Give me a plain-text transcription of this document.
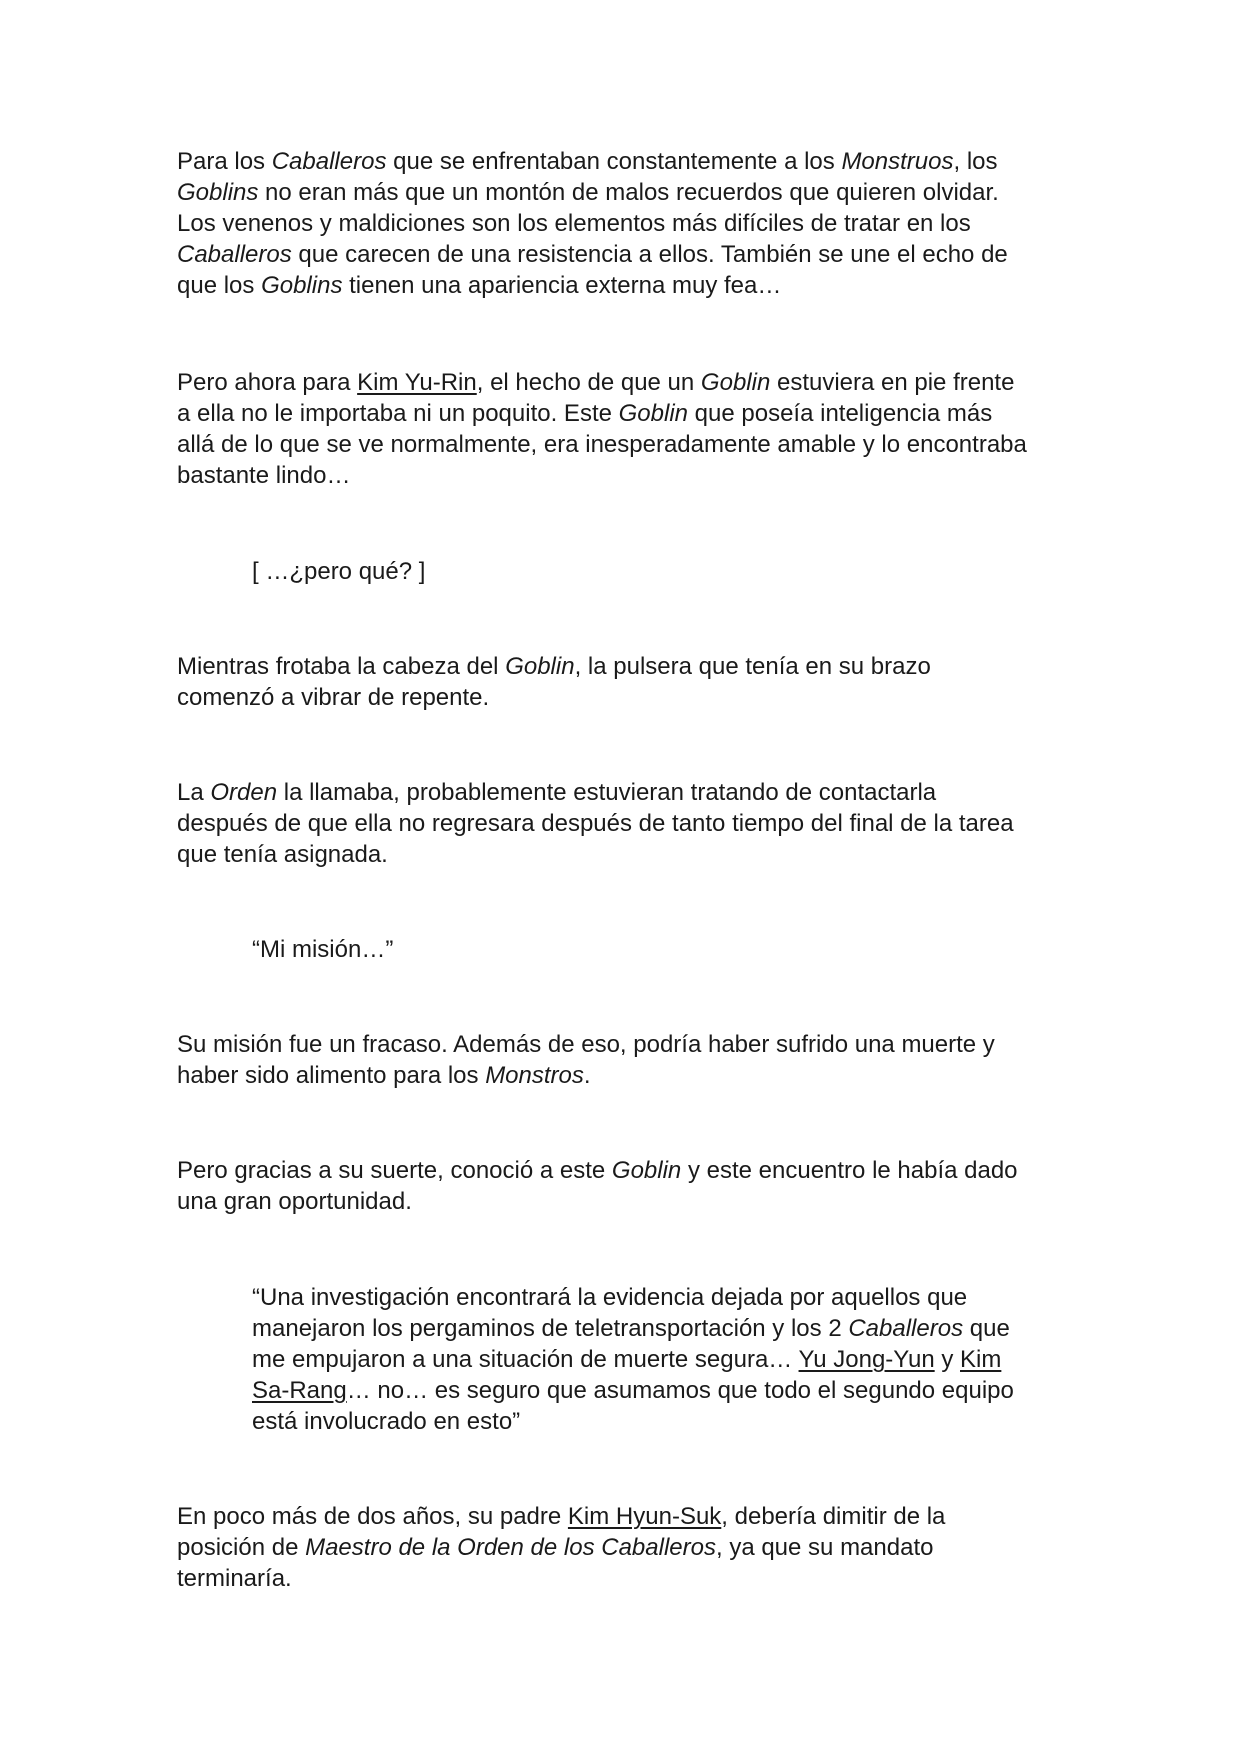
Para los Caballeros que se enfrentaban constantemente a los Monstruos, los
Goblins no eran más que un montón de malos recuerdos que quieren olvidar.
Los venenos y maldiciones son los elementos más difíciles de tratar en los
Caballeros que carecen de una resistencia a ellos. También se une el echo de
que los Goblins tienen una apariencia externa muy fea…

Pero ahora para Kim Yu-Rin, el hecho de que un Goblin estuviera en pie frente
a ella no le importaba ni un poquito. Este Goblin que poseía inteligencia más
allá de lo que se ve normalmente, era inesperadamente amable y lo encontraba
bastante lindo…

[ …¿pero qué? ]

Mientras frotaba la cabeza del Goblin, la pulsera que tenía en su brazo
comenzó a vibrar de repente.

La Orden la llamaba, probablemente estuvieran tratando de contactarla
después de que ella no regresara después de tanto tiempo del final de la tarea
que tenía asignada.

“Mi misión…”

Su misión fue un fracaso. Además de eso, podría haber sufrido una muerte y
haber sido alimento para los Monstros.

Pero gracias a su suerte, conoció a este Goblin y este encuentro le había dado
una gran oportunidad.

“Una investigación encontrará la evidencia dejada por aquellos que
manejaron los pergaminos de teletransportación y los 2 Caballeros que
me empujaron a una situación de muerte segura… Yu Jong-Yun y Kim
Sa-Rang… no… es seguro que asumamos que todo el segundo equipo
está involucrado en esto”

En poco más de dos años, su padre Kim Hyun-Suk, debería dimitir de la
posición de Maestro de la Orden de los Caballeros, ya que su mandato
terminaría.
